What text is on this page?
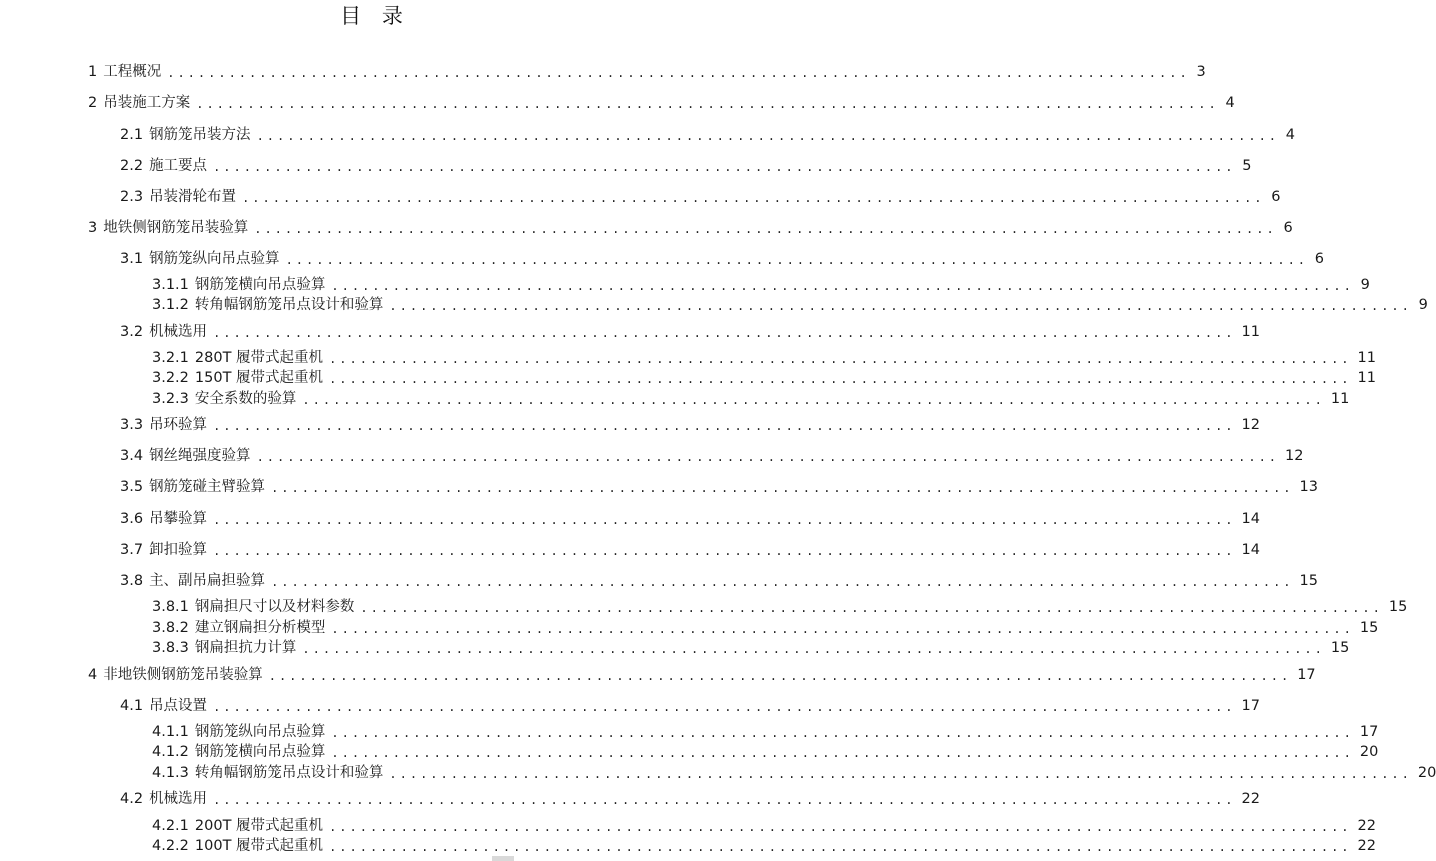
目 录
1 工程概况 .................................................................................................... 3
2 吊装施工方案 .................................................................................................... 4
2.1 钢筋笼吊装方法 .................................................................................................... 4
2.2 施工要点 .................................................................................................... 5
2.3 吊装滑轮布置 .................................................................................................... 6
3 地铁侧钢筋笼吊装验算 .................................................................................................... 6
3.1 钢筋笼纵向吊点验算 .................................................................................................... 6
3.1.1 钢筋笼横向吊点验算 .................................................................................................... 9
3.1.2 转角幅钢筋笼吊点设计和验算 .................................................................................................... 9
3.2 机械选用 .................................................................................................... 11
3.2.1 280T 履带式起重机 .................................................................................................... 11
3.2.2 150T 履带式起重机 .................................................................................................... 11
3.2.3 安全系数的验算 .................................................................................................... 11
3.3 吊环验算 .................................................................................................... 12
3.4 钢丝绳强度验算 .................................................................................................... 12
3.5 钢筋笼碰主臂验算 .................................................................................................... 13
3.6 吊攀验算 .................................................................................................... 14
3.7 卸扣验算 .................................................................................................... 14
3.8 主、副吊扁担验算 .................................................................................................... 15
3.8.1 钢扁担尺寸以及材料参数 .................................................................................................... 15
3.8.2 建立钢扁担分析模型 .................................................................................................... 15
3.8.3 钢扁担抗力计算 .................................................................................................... 15
4 非地铁侧钢筋笼吊装验算 .................................................................................................... 17
4.1 吊点设置 .................................................................................................... 17
4.1.1 钢筋笼纵向吊点验算 .................................................................................................... 17
4.1.2 钢筋笼横向吊点验算 .................................................................................................... 20
4.1.3 转角幅钢筋笼吊点设计和验算 .................................................................................................... 20
4.2 机械选用 .................................................................................................... 22
4.2.1 200T 履带式起重机 .................................................................................................... 22
4.2.2 100T 履带式起重机 .................................................................................................... 22
